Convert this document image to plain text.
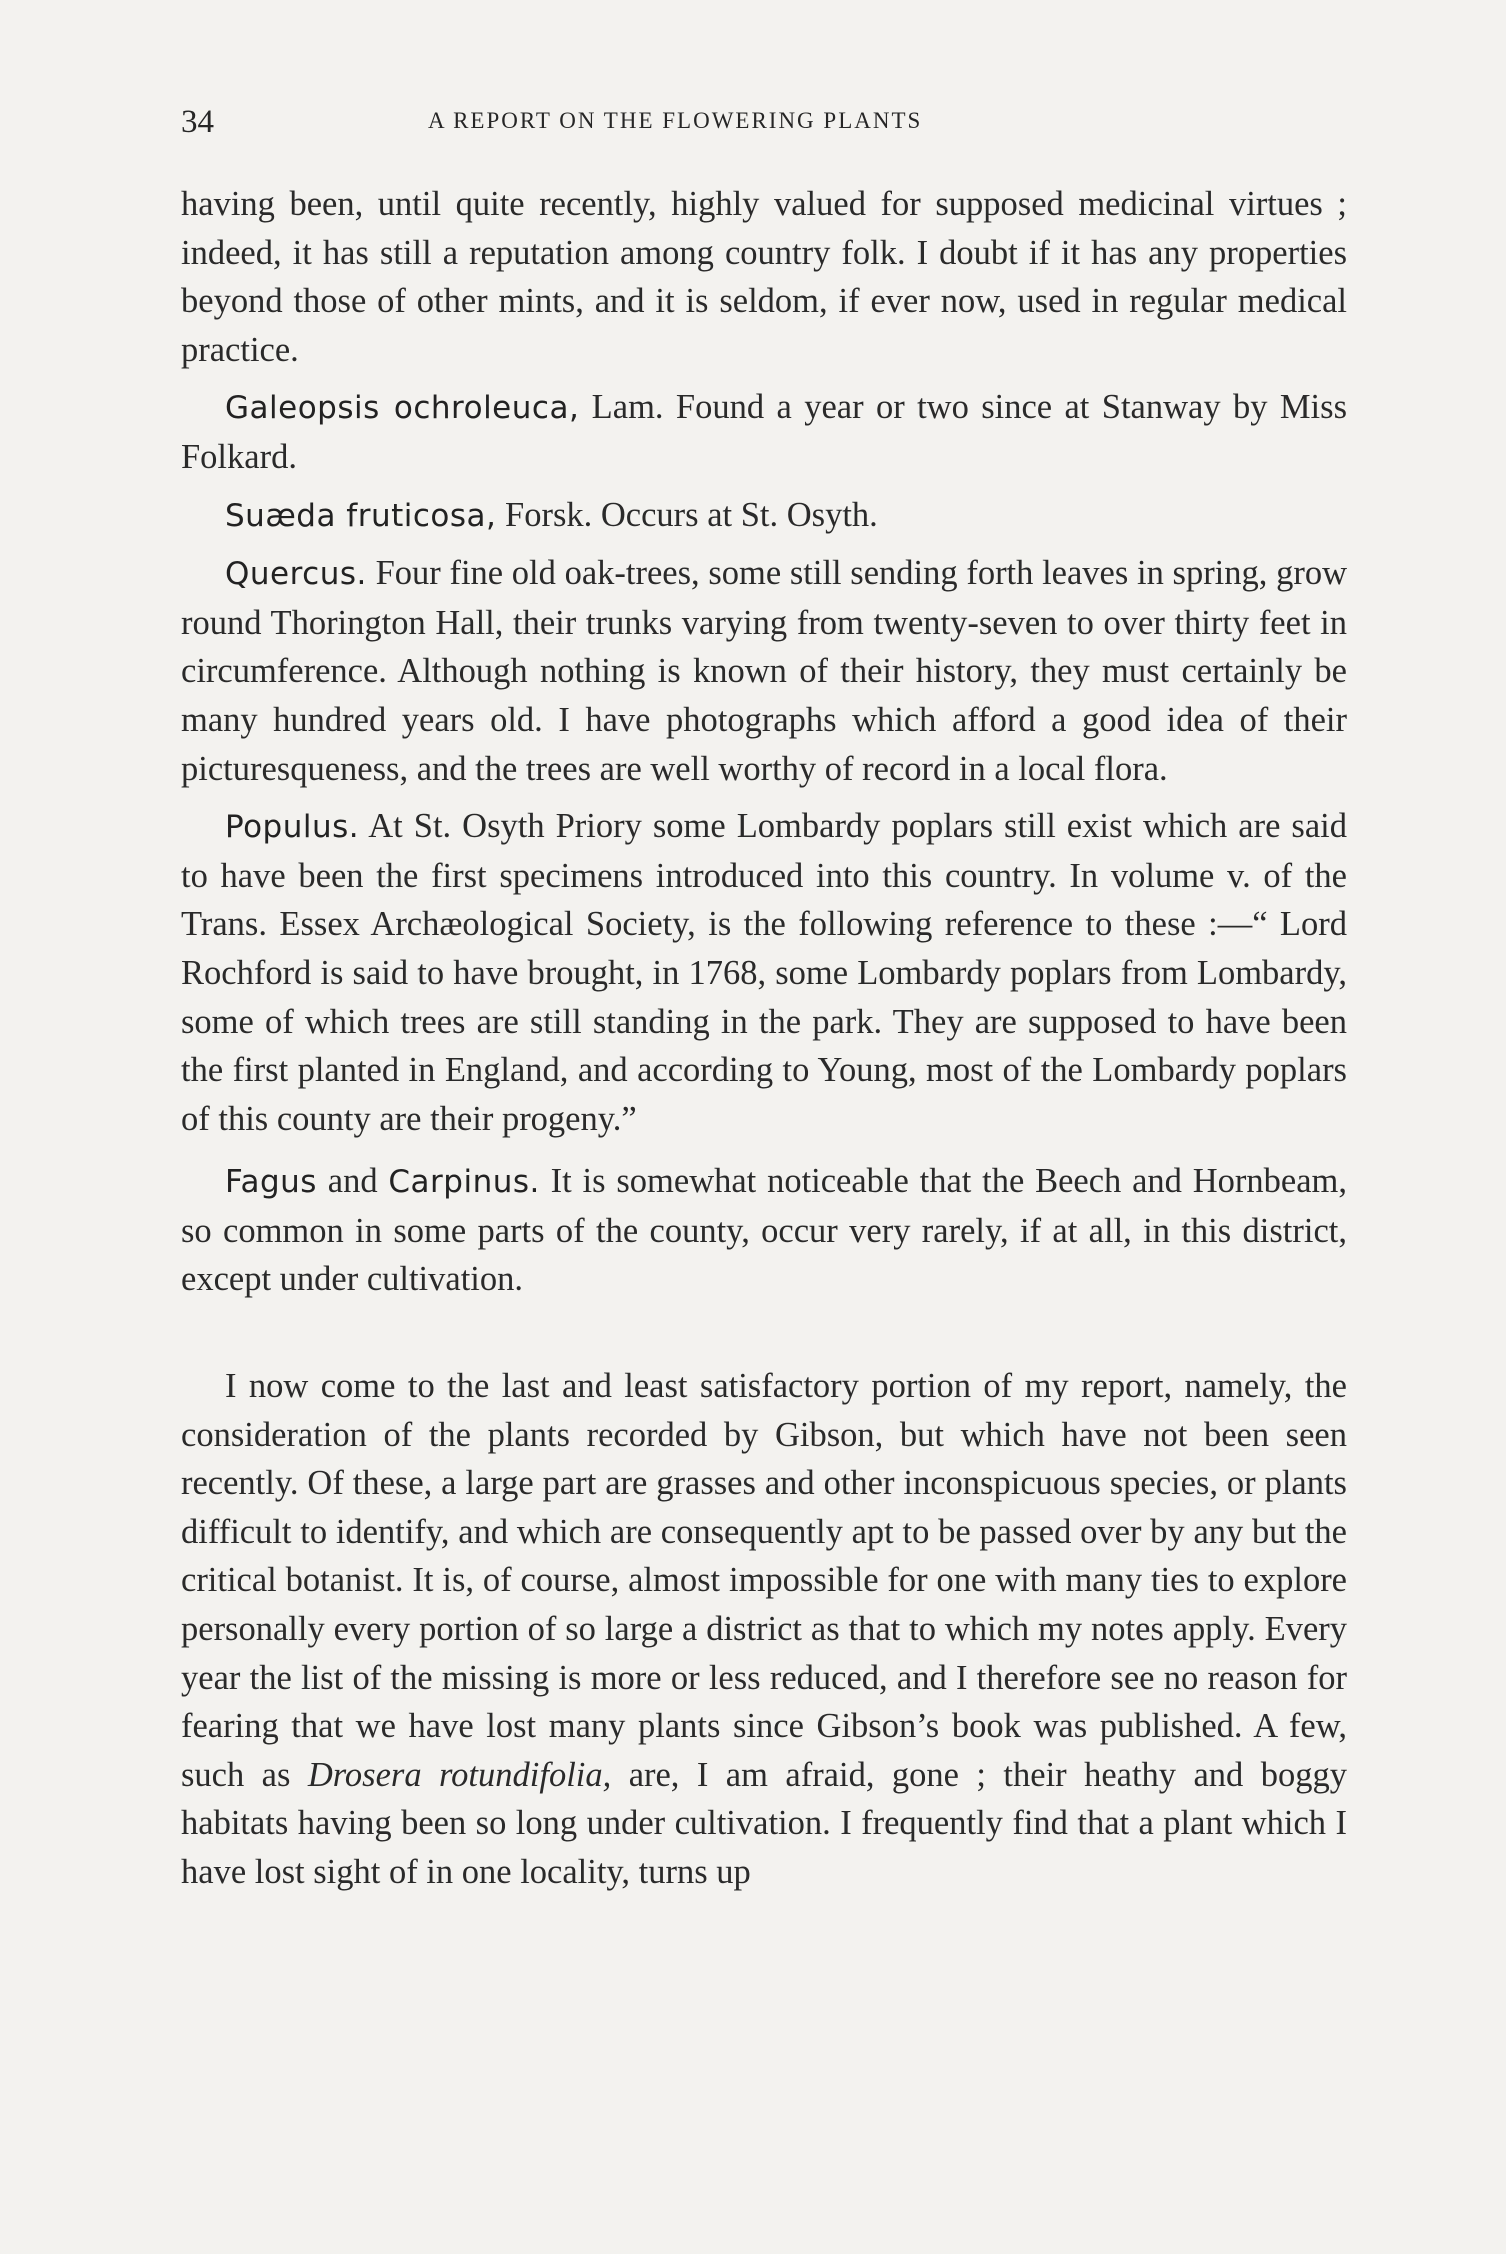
34	A REPORT ON THE FLOWERING PLANTS

having been, until quite recently, highly valued for supposed medicinal virtues ; indeed, it has still a reputation among country folk. I doubt if it has any properties beyond those of other mints, and it is seldom, if ever now, used in regular medical practice.

Galeopsis ochroleuca, Lam. Found a year or two since at Stanway by Miss Folkard.

Suæda fruticosa, Forsk. Occurs at St. Osyth.

Quercus. Four fine old oak-trees, some still sending forth leaves in spring, grow round Thorington Hall, their trunks varying from twenty-seven to over thirty feet in circumference. Although nothing is known of their history, they must certainly be many hundred years old. I have photographs which afford a good idea of their picturesqueness, and the trees are well worthy of record in a local flora.

Populus. At St. Osyth Priory some Lombardy poplars still exist which are said to have been the first specimens introduced into this country. In volume v. of the Trans. Essex Archæological Society, is the following reference to these :—“ Lord Rochford is said to have brought, in 1768, some Lombardy poplars from Lombardy, some of which trees are still standing in the park. They are supposed to have been the first planted in England, and according to Young, most of the Lombardy poplars of this county are their progeny.”

Fagus and Carpinus. It is somewhat noticeable that the Beech and Hornbeam, so common in some parts of the county, occur very rarely, if at all, in this district, except under cultivation.

I now come to the last and least satisfactory portion of my report, namely, the consideration of the plants recorded by Gibson, but which have not been seen recently. Of these, a large part are grasses and other inconspicuous species, or plants difficult to identify, and which are consequently apt to be passed over by any but the critical botanist. It is, of course, almost impossible for one with many ties to explore personally every portion of so large a district as that to which my notes apply. Every year the list of the missing is more or less reduced, and I therefore see no reason for fearing that we have lost many plants since Gibson’s book was published. A few, such as Drosera rotundifolia, are, I am afraid, gone ; their heathy and boggy habitats having been so long under cultivation. I frequently find that a plant which I have lost sight of in one locality, turns up
